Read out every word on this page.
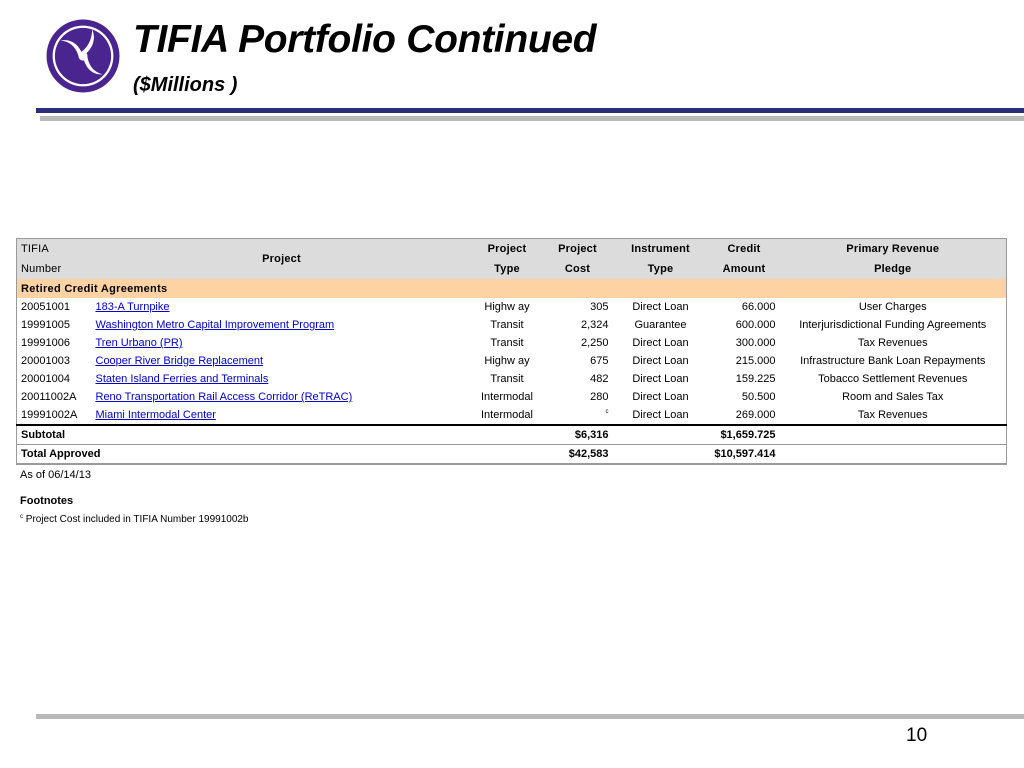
TIFIA Portfolio Continued
($Millions )
TIFIA	Project	Project	Project	Instrument	Credit	Primary Revenue
Number		Type	Cost	Type	Amount	Pledge
Retired Credit Agreements						
20051001	183-A Turnpike	Highw ay	305	Direct Loan	66.000	User Charges
19991005	Washington Metro Capital Improvement Program	Transit	2,324	Guarantee	600.000	Interjurisdictional Funding Agreements
19991006	Tren Urbano (PR)	Transit	2,250	Direct Loan	300.000	Tax Revenues
20001003	Cooper River Bridge Replacement	Highw ay	675	Direct Loan	215.000	Infrastructure Bank Loan Repayments
20001004	Staten Island Ferries and Terminals	Transit	482	Direct Loan	159.225	Tobacco Settlement Revenues
20011002A	Reno Transportation Rail Access Corridor (ReTRAC)	Intermodal	280	Direct Loan	50.500	Room and Sales Tax
19991002A	Miami Intermodal Center	Intermodal	$^c$	Direct Loan	269.000	Tax Revenues
Subtotal			$6,316		$1,659.725	
Total Approved			$42,583		$10,597.414	
As of 06/14/13
Footnotes
$^c$ Project Cost included in TIFIA Number 19991002b
10
